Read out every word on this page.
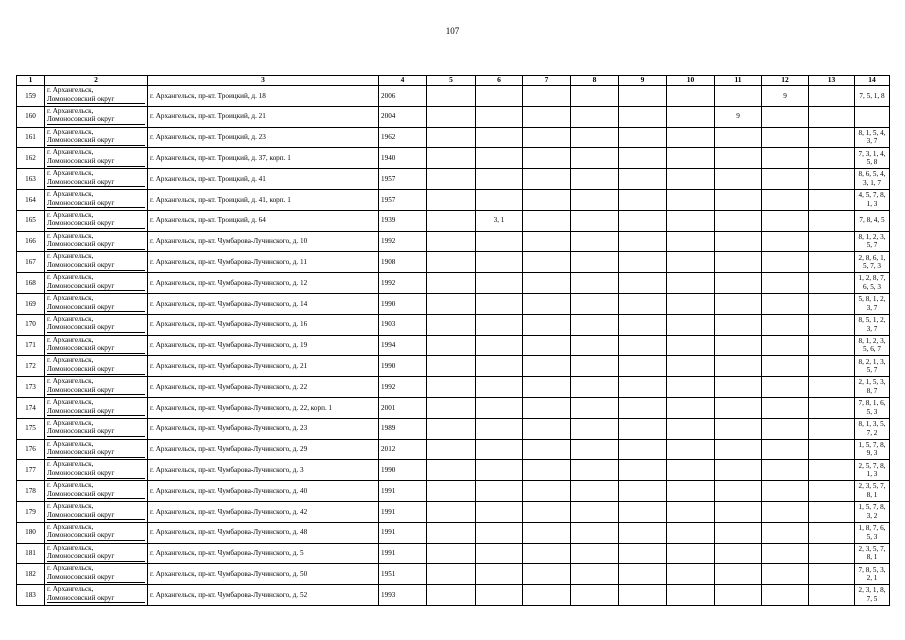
107
1	2	3	4	5	6	7	8	9	10	11	12	13	14
159	г. Архангельск,
Ломоносовский округ	г. Архангельск, пр-кт. Троицкий, д. 18	2006								9		7, 5, 1, 8
160	г. Архангельск,
Ломоносовский округ	г. Архангельск, пр-кт. Троицкий, д. 21	2004							9			
161	г. Архангельск,
Ломоносовский округ	г. Архангельск, пр-кт. Троицкий, д. 23	1962										8, 1, 5, 4, 3, 7
162	г. Архангельск,
Ломоносовский округ	г. Архангельск, пр-кт. Троицкий, д. 37, корп. 1	1940										7, 3, 1, 4, 5, 8
163	г. Архангельск,
Ломоносовский округ	г. Архангельск, пр-кт. Троицкий, д. 41	1957										8, 6, 5, 4, 3, 1, 7
164	г. Архангельск,
Ломоносовский округ	г. Архангельск, пр-кт. Троицкий, д. 41, корп. 1	1957										4, 5, 7, 8, 1, 3
165	г. Архангельск,
Ломоносовский округ	г. Архангельск, пр-кт. Троицкий, д. 64	1939		3, 1								7, 8, 4, 5
166	г. Архангельск,
Ломоносовский округ	г. Архангельск, пр-кт. Чумбарова-Лучинского, д. 10	1992										8, 1, 2, 3, 5, 7
167	г. Архангельск,
Ломоносовский округ	г. Архангельск, пр-кт. Чумбарова-Лучинского, д. 11	1908										2, 8, 6, 1, 5, 7, 3
168	г. Архангельск,
Ломоносовский округ	г. Архангельск, пр-кт. Чумбарова-Лучинского, д. 12	1992										1, 2, 8, 7, 6, 5, 3
169	г. Архангельск,
Ломоносовский округ	г. Архангельск, пр-кт. Чумбарова-Лучинского, д. 14	1990										5, 8, 1, 2, 3, 7
170	г. Архангельск,
Ломоносовский округ	г. Архангельск, пр-кт. Чумбарова-Лучинского, д. 16	1903										8, 5, 1, 2, 3, 7
171	г. Архангельск,
Ломоносовский округ	г. Архангельск, пр-кт. Чумбарова-Лучинского, д. 19	1994										8, 1, 2, 3, 5, 6, 7
172	г. Архангельск,
Ломоносовский округ	г. Архангельск, пр-кт. Чумбарова-Лучинского, д. 21	1990										8, 2, 1, 3, 5, 7
173	г. Архангельск,
Ломоносовский округ	г. Архангельск, пр-кт. Чумбарова-Лучинского, д. 22	1992										2, 1, 5, 3, 8, 7
174	г. Архангельск,
Ломоносовский округ	г. Архангельск, пр-кт. Чумбарова-Лучинского, д. 22, корп. 1	2001										7, 8, 1, 6, 5, 3
175	г. Архангельск,
Ломоносовский округ	г. Архангельск, пр-кт. Чумбарова-Лучинского, д. 23	1989										8, 1, 3, 5, 7, 2
176	г. Архангельск,
Ломоносовский округ	г. Архангельск, пр-кт. Чумбарова-Лучинского, д. 29	2012										1, 5, 7, 8, 9, 3
177	г. Архангельск,
Ломоносовский округ	г. Архангельск, пр-кт. Чумбарова-Лучинского, д. 3	1990										2, 5, 7, 8, 1, 3
178	г. Архангельск,
Ломоносовский округ	г. Архангельск, пр-кт. Чумбарова-Лучинского, д. 40	1991										2, 3, 5, 7, 8, 1
179	г. Архангельск,
Ломоносовский округ	г. Архангельск, пр-кт. Чумбарова-Лучинского, д. 42	1991										1, 5, 7, 8, 3, 2
180	г. Архангельск,
Ломоносовский округ	г. Архангельск, пр-кт. Чумбарова-Лучинского, д. 48	1991										1, 8, 7, 6, 5, 3
181	г. Архангельск,
Ломоносовский округ	г. Архангельск, пр-кт. Чумбарова-Лучинского, д. 5	1991										2, 3, 5, 7, 8, 1
182	г. Архангельск,
Ломоносовский округ	г. Архангельск, пр-кт. Чумбарова-Лучинского, д. 50	1951										7, 8, 5, 3, 2, 1
183	г. Архангельск,
Ломоносовский округ	г. Архангельск, пр-кт. Чумбарова-Лучинского, д. 52	1993										2, 3, 1, 8, 7, 5
